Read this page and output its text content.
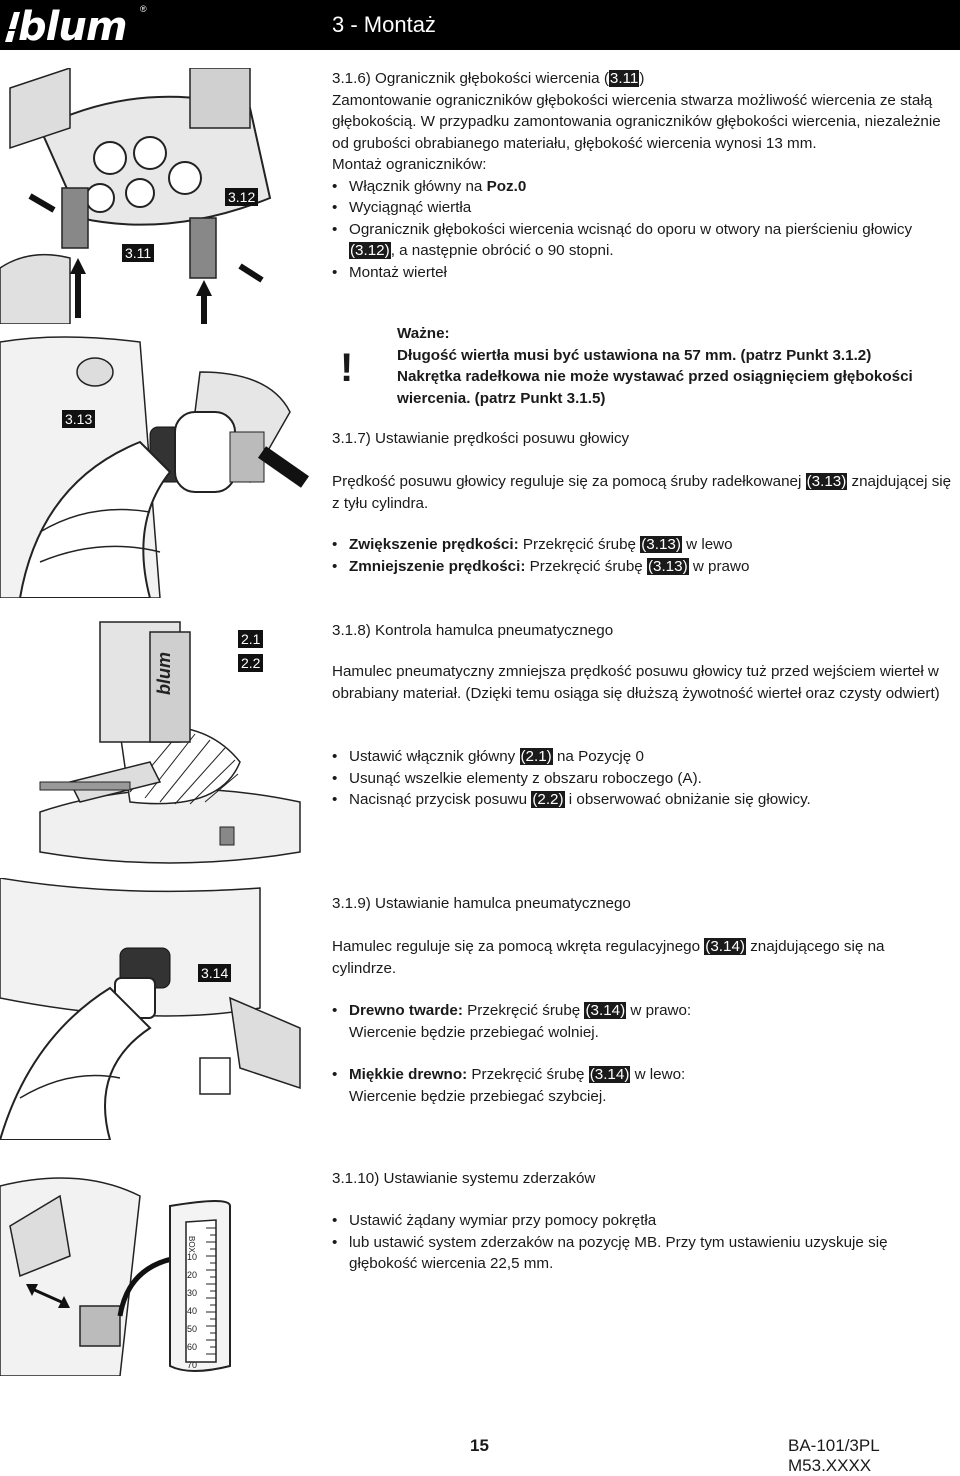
blum ®
3 - Montaż
3.11
3.12
3.1.6) Ogranicznik głębokości wiercenia (3.11)
Zamontowanie ograniczników głębokości wiercenia stwarza możliwość wiercenia ze stałą głębokością. W przypadku zamontowania ograniczników głębokości wiercenia, niezależnie od grubości obrabianego materiału, głębokość wiercenia wynosi 13 mm.
Montaż ograniczników:
• Włącznik główny na Poz.0
• Wyciągnąć wiertła
• Ogranicznik głębokości wiercenia wcisnąć do oporu w otwory na pierścieniu głowicy (3.12), a następnie obrócić o 90 stopni.
• Montaż wierteł
3.13
!
Ważne:
Długość wiertła musi być ustawiona na 57 mm. (patrz Punkt 3.1.2)
Nakrętka radełkowa nie może wystawać przed osiągnięciem głębokości wiercenia. (patrz Punkt 3.1.5)
3.1.7) Ustawianie prędkości posuwu głowicy
Prędkość posuwu głowicy reguluje się za pomocą śruby radełkowanej (3.13) znajdującej się z tyłu cylindra.
• Zwiększenie prędkości: Przekręcić śrubę (3.13) w lewo
• Zmniejszenie prędkości: Przekręcić śrubę (3.13) w prawo
blum
2.1
2.2
3.1.8) Kontrola hamulca pneumatycznego
Hamulec pneumatyczny zmniejsza prędkość posuwu głowicy tuż przed wejściem wierteł w obrabiany materiał. (Dzięki temu osiąga się dłuższą żywotność wierteł oraz czysty odwiert)
• Ustawić włącznik główny (2.1) na Pozycję 0
• Usunąć wszelkie elementy z obszaru roboczego (A).
• Nacisnąć przycisk posuwu (2.2) i obserwować obniżanie się głowicy.
3.14
3.1.9) Ustawianie hamulca pneumatycznego
Hamulec reguluje się za pomocą wkręta regulacyjnego (3.14) znajdującego się na cylindrze.
• Drewno twarde: Przekręcić śrubę (3.14) w prawo:
Wiercenie będzie przebiegać wolniej.
• Miękkie drewno: Przekręcić śrubę (3.14) w lewo:
Wiercenie będzie przebiegać szybciej.
BOX
10
20
30
40
50
60
70
3.1.10) Ustawianie systemu zderzaków
• Ustawić żądany wymiar przy pomocy pokrętła
• lub ustawić system zderzaków na pozycję MB. Przy tym ustawieniu uzyskuje się głębokość wiercenia 22,5 mm.
15	BA-101/3PL M53.XXXX
